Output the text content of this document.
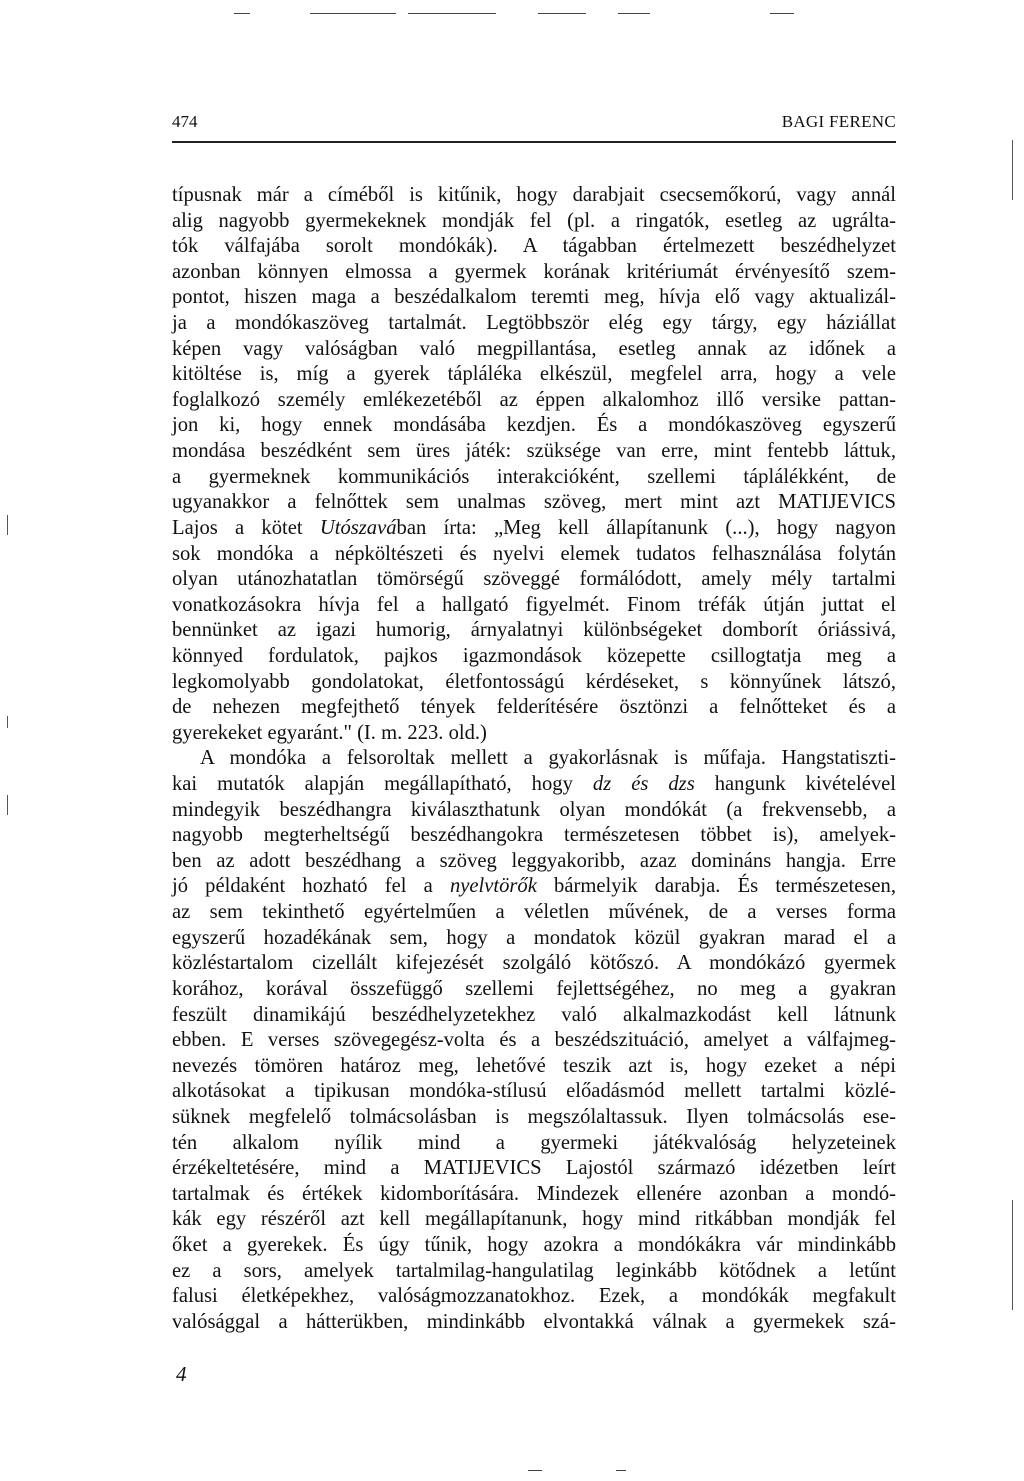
474	BAGI FERENC
típusnak már a címéből is kitűnik, hogy darabjait csecsemőkorú, vagy annál
alig nagyobb gyermekeknek mondják fel (pl. a ringatók, esetleg az ugrálta-
tók válfajába sorolt mondókák). A tágabban értelmezett beszédhelyzet
azonban könnyen elmossa a gyermek korának kritériumát érvényesítő szem-
pontot, hiszen maga a beszédalkalom teremti meg, hívja elő vagy aktualizál-
ja a mondókaszöveg tartalmát. Legtöbbször elég egy tárgy, egy háziállat
képen vagy valóságban való megpillantása, esetleg annak az időnek a
kitöltése is, míg a gyerek tápláléka elkészül, megfelel arra, hogy a vele
foglalkozó személy emlékezetéből az éppen alkalomhoz illő versike pattan-
jon ki, hogy ennek mondásába kezdjen. És a mondókaszöveg egyszerű
mondása beszédként sem üres játék: szüksége van erre, mint fentebb láttuk,
a gyermeknek kommunikációs interakcióként, szellemi táplálékként, de
ugyanakkor a felnőttek sem unalmas szöveg, mert mint azt MATIJEVICS
Lajos a kötet Utószavában írta: „Meg kell állapítanunk (...), hogy nagyon
sok mondóka a népköltészeti és nyelvi elemek tudatos felhasználása folytán
olyan utánozhatatlan tömörségű szöveggé formálódott, amely mély tartalmi
vonatkozásokra hívja fel a hallgató figyelmét. Finom tréfák útján juttat el
bennünket az igazi humorig, árnyalatnyi különbségeket domborít óriássivá,
könnyed fordulatok, pajkos igazmondások közepette csillogtatja meg a
legkomolyabb gondolatokat, életfontosságú kérdéseket, s könnyűnek látszó,
de nehezen megfejthető tények felderítésére ösztönzi a felnőtteket és a
gyerekeket egyaránt." (I. m. 223. old.)
A mondóka a felsoroltak mellett a gyakorlásnak is műfaja. Hangstatiszti-
kai mutatók alapján megállapítható, hogy dz és dzs hangunk kivételével
mindegyik beszédhangra kiválaszthatunk olyan mondókát (a frekvensebb, a
nagyobb megterheltségű beszédhangokra természetesen többet is), amelyek-
ben az adott beszédhang a szöveg leggyakoribb, azaz domináns hangja. Erre
jó példaként hozható fel a nyelvtörők bármelyik darabja. És természetesen,
az sem tekinthető egyértelműen a véletlen művének, de a verses forma
egyszerű hozadékának sem, hogy a mondatok közül gyakran marad el a
közléstartalom cizellált kifejezését szolgáló kötőszó. A mondókázó gyermek
korához, korával összefüggő szellemi fejlettségéhez, no meg a gyakran
feszült dinamikájú beszédhelyzetekhez való alkalmazkodást kell látnunk
ebben. E verses szövegegész-volta és a beszédszituáció, amelyet a válfajmeg-
nevezés tömören határoz meg, lehetővé teszik azt is, hogy ezeket a népi
alkotásokat a tipikusan mondóka-stílusú előadásmód mellett tartalmi közlé-
süknek megfelelő tolmácsolásban is megszólaltassuk. Ilyen tolmácsolás ese-
tén alkalom nyílik mind a gyermeki játékvalóság helyzeteinek
érzékeltetésére, mind a MATIJEVICS Lajostól származó idézetben leírt
tartalmak és értékek kidomborítására. Mindezek ellenére azonban a mondó-
kák egy részéről azt kell megállapítanunk, hogy mind ritkábban mondják fel
őket a gyerekek. És úgy tűnik, hogy azokra a mondókákra vár mindinkább
ez a sors, amelyek tartalmilag-hangulatilag leginkább kötődnek a letűnt
falusi életképekhez, valóságmozzanatokhoz. Ezek, a mondókák megfakult
valósággal a hátterükben, mindinkább elvontakká válnak a gyermekek szá-
4
